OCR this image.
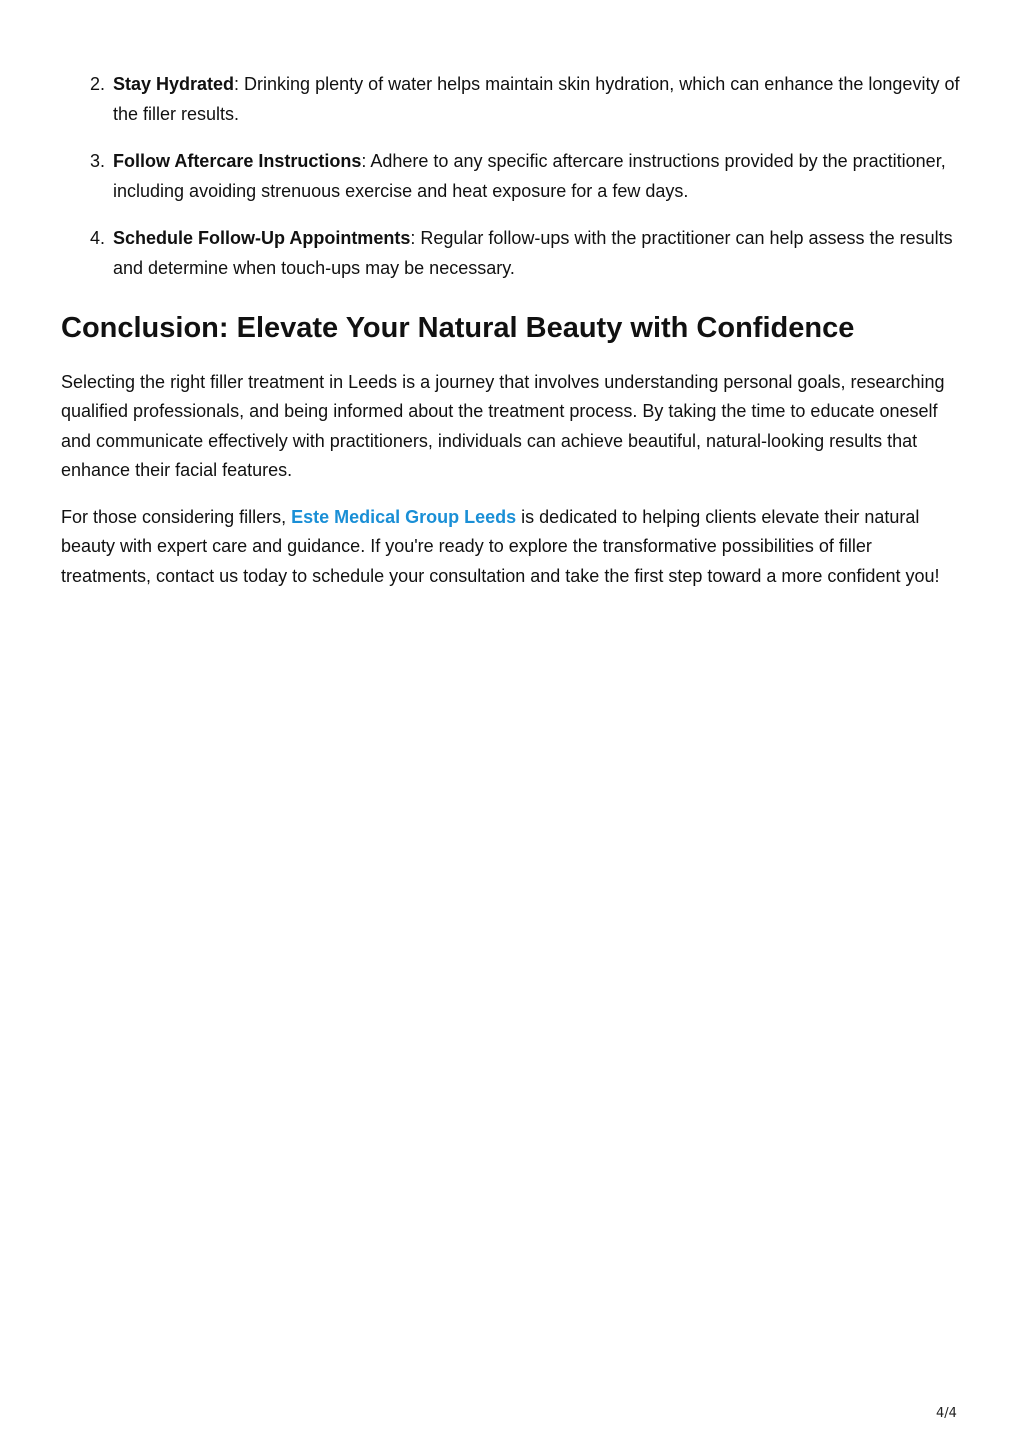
2. Stay Hydrated: Drinking plenty of water helps maintain skin hydration, which can enhance the longevity of the filler results.
3. Follow Aftercare Instructions: Adhere to any specific aftercare instructions provided by the practitioner, including avoiding strenuous exercise and heat exposure for a few days.
4. Schedule Follow-Up Appointments: Regular follow-ups with the practitioner can help assess the results and determine when touch-ups may be necessary.
Conclusion: Elevate Your Natural Beauty with Confidence

Selecting the right filler treatment in Leeds is a journey that involves understanding personal goals, researching qualified professionals, and being informed about the treatment process. By taking the time to educate oneself and communicate effectively with practitioners, individuals can achieve beautiful, natural-looking results that enhance their facial features.

For those considering fillers, Este Medical Group Leeds is dedicated to helping clients elevate their natural beauty with expert care and guidance. If you're ready to explore the transformative possibilities of filler treatments, contact us today to schedule your consultation and take the first step toward a more confident you!

4/4
